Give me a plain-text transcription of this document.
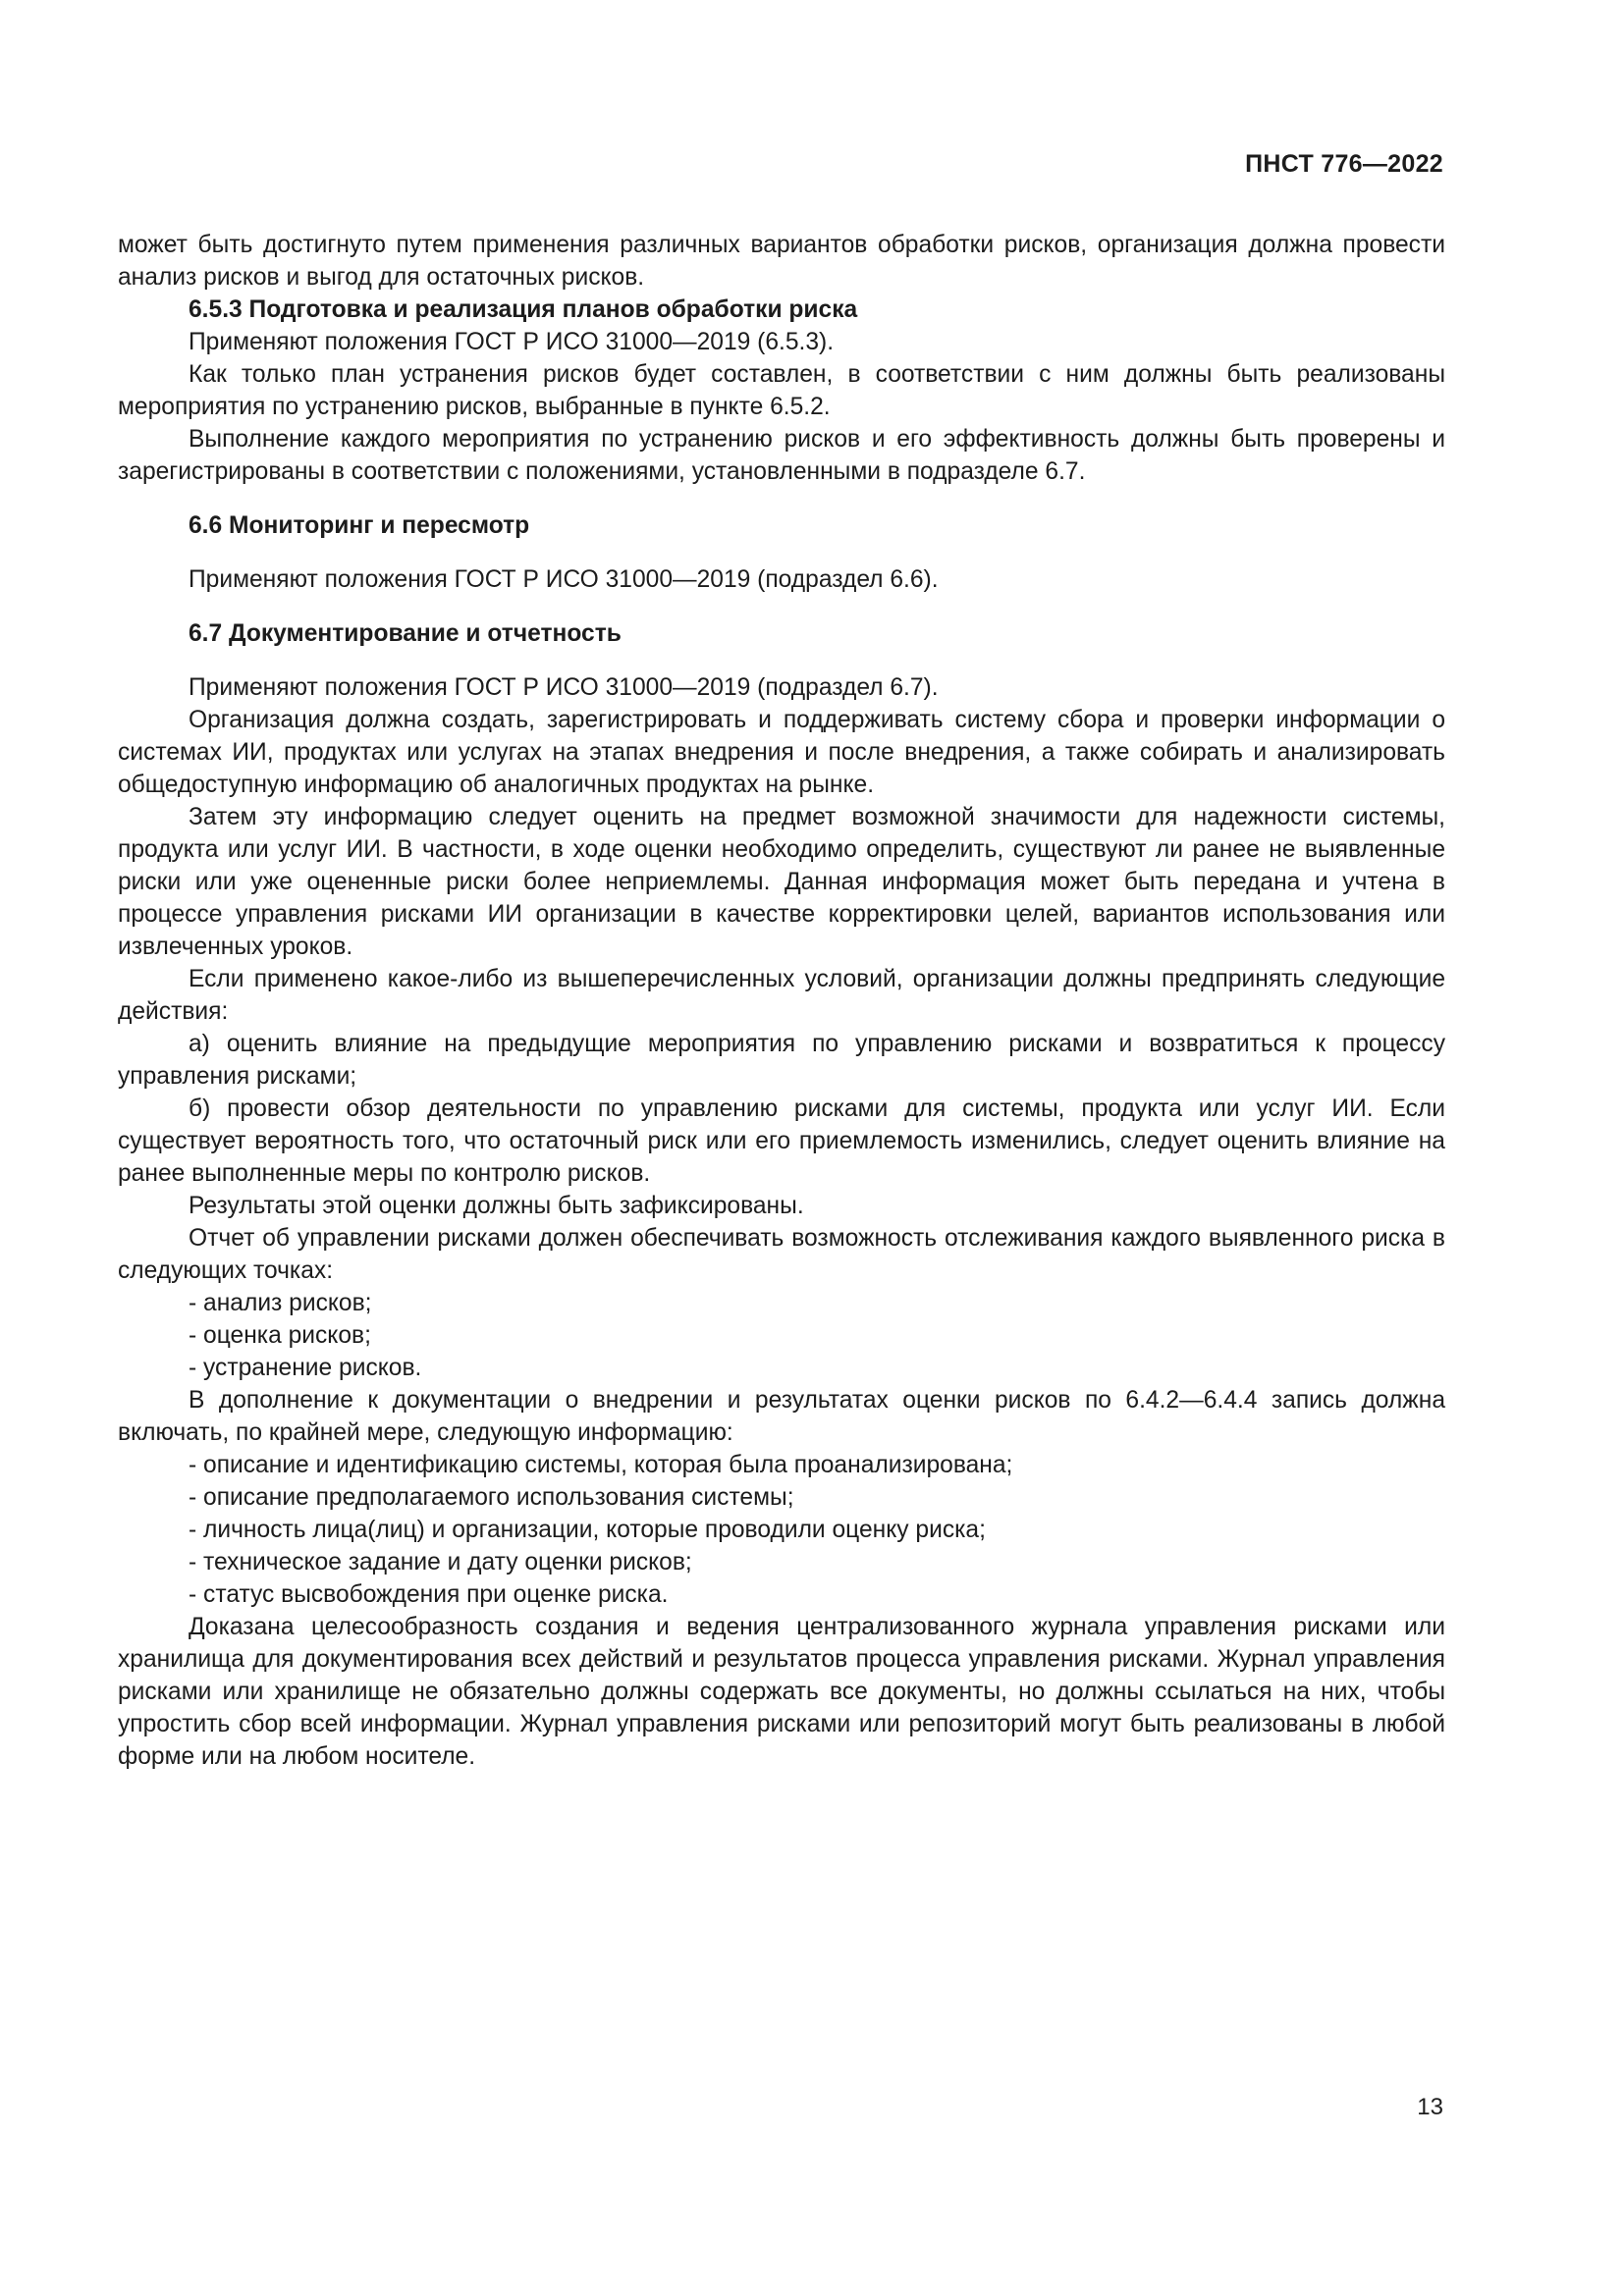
ПНСТ 776—2022

может быть достигнуто путем применения различных вариантов обработки рисков, организация должна провести анализ рисков и выгод для остаточных рисков.

6.5.3 Подготовка и реализация планов обработки риска

Применяют положения ГОСТ Р ИСО 31000—2019 (6.5.3).

Как только план устранения рисков будет составлен, в соответствии с ним должны быть реализованы мероприятия по устранению рисков, выбранные в пункте 6.5.2.

Выполнение каждого мероприятия по устранению рисков и его эффективность должны быть проверены и зарегистрированы в соответствии с положениями, установленными в подразделе 6.7.

6.6 Мониторинг и пересмотр

Применяют положения ГОСТ Р ИСО 31000—2019 (подраздел 6.6).

6.7 Документирование и отчетность

Применяют положения ГОСТ Р ИСО 31000—2019 (подраздел 6.7).

Организация должна создать, зарегистрировать и поддерживать систему сбора и проверки информации о системах ИИ, продуктах или услугах на этапах внедрения и после внедрения, а также собирать и анализировать общедоступную информацию об аналогичных продуктах на рынке.

Затем эту информацию следует оценить на предмет возможной значимости для надежности системы, продукта или услуг ИИ. В частности, в ходе оценки необходимо определить, существуют ли ранее не выявленные риски или уже оцененные риски более неприемлемы. Данная информация может быть передана и учтена в процессе управления рисками ИИ организации в качестве корректировки целей, вариантов использования или извлеченных уроков.

Если применено какое-либо из вышеперечисленных условий, организации должны предпринять следующие действия:

а) оценить влияние на предыдущие мероприятия по управлению рисками и возвратиться к процессу управления рисками;

б) провести обзор деятельности по управлению рисками для системы, продукта или услуг ИИ. Если существует вероятность того, что остаточный риск или его приемлемость изменились, следует оценить влияние на ранее выполненные меры по контролю рисков.

Результаты этой оценки должны быть зафиксированы.

Отчет об управлении рисками должен обеспечивать возможность отслеживания каждого выявленного риска в следующих точках:

- анализ рисков;

- оценка рисков;

- устранение рисков.

В дополнение к документации о внедрении и результатах оценки рисков по 6.4.2—6.4.4 запись должна включать, по крайней мере, следующую информацию:

- описание и идентификацию системы, которая была проанализирована;

- описание предполагаемого использования системы;

- личность лица(лиц) и организации, которые проводили оценку риска;

- техническое задание и дату оценки рисков;

- статус высвобождения при оценке риска.

Доказана целесообразность создания и ведения централизованного журнала управления рисками или хранилища для документирования всех действий и результатов процесса управления рисками. Журнал управления рисками или хранилище не обязательно должны содержать все документы, но должны ссылаться на них, чтобы упростить сбор всей информации. Журнал управления рисками или репозиторий могут быть реализованы в любой форме или на любом носителе.

13
